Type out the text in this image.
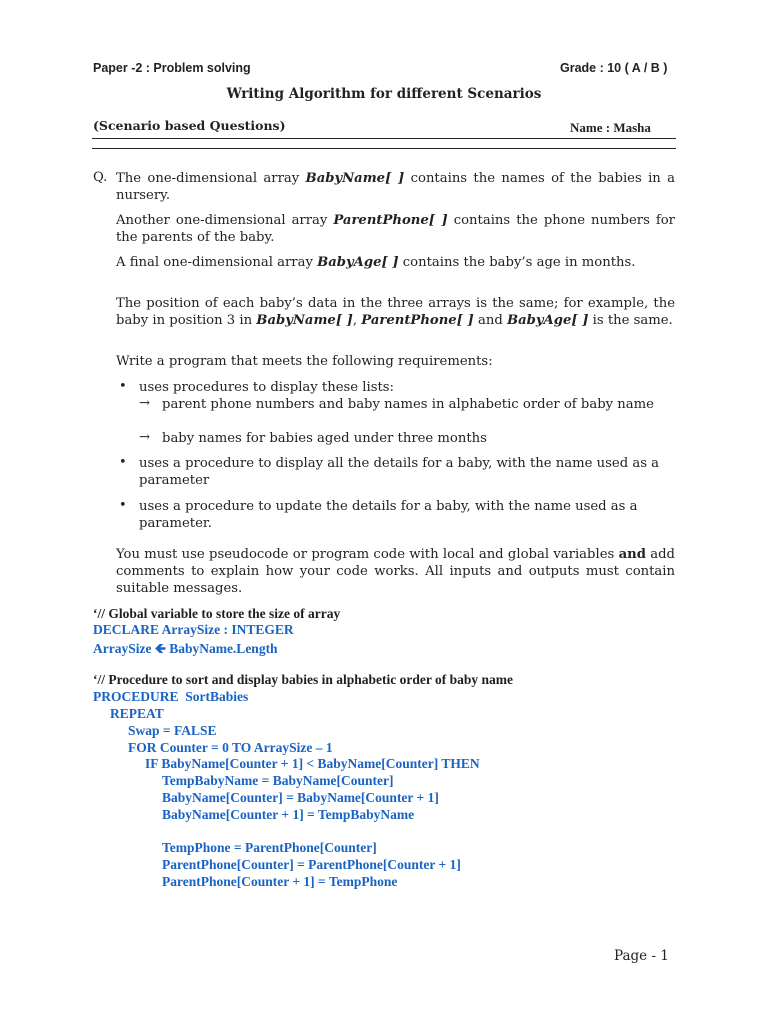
Paper -2 : Problem solving	Grade : 10 ( A / B )
Writing Algorithm for different Scenarios
(Scenario based Questions)	Name : Masha
Q. The one-dimensional array BabyName[ ] contains the names of the babies in a nursery.
Another one-dimensional array ParentPhone[ ] contains the phone numbers for the parents of the baby.
A final one-dimensional array BabyAge[ ] contains the baby’s age in months.
The position of each baby’s data in the three arrays is the same; for example, the baby in position 3 in BabyName[ ], ParentPhone[ ] and BabyAge[ ] is the same.
Write a program that meets the following requirements:
• uses procedures to display these lists:
→ parent phone numbers and baby names in alphabetic order of baby name
→ baby names for babies aged under three months
• uses a procedure to display all the details for a baby, with the name used as a parameter
• uses a procedure to update the details for a baby, with the name used as a parameter.
You must use pseudocode or program code with local and global variables and add comments to explain how your code works. All inputs and outputs must contain suitable messages.
‘// Global variable to store the size of array
DECLARE ArraySize : INTEGER
ArraySize 🡸 BabyName.Length
‘// Procedure to sort and display babies in alphabetic order of baby name
PROCEDURE  SortBabies
REPEAT
Swap = FALSE
FOR Counter = 0 TO ArraySize – 1
IF BabyName[Counter + 1] < BabyName[Counter] THEN
TempBabyName = BabyName[Counter]
BabyName[Counter] = BabyName[Counter + 1]
BabyName[Counter + 1] = TempBabyName
TempPhone = ParentPhone[Counter]
ParentPhone[Counter] = ParentPhone[Counter + 1]
ParentPhone[Counter + 1] = TempPhone
Page - 1
